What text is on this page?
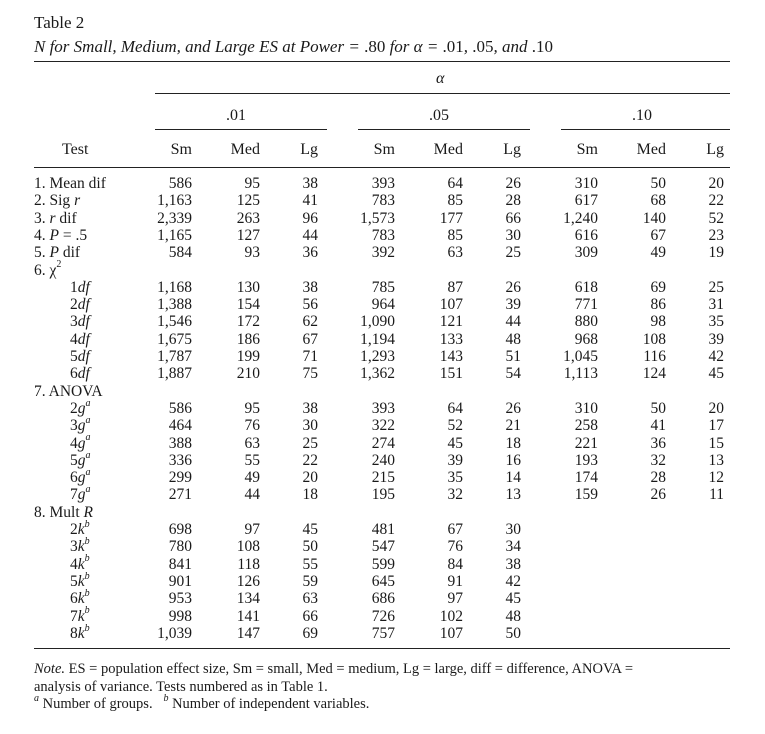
Table 2
N for Small, Medium, and Large ES at Power = .80 for α = .01, .05, and .10
α
.01	.05	.10
Test	Sm Med	Lg	Sm Med	Lg	Sm Med	Lg
1. Mean dif	586	95	38	393	64	26	310	50	20
2. Sig r	1,163	125	41	783	85	28	617	68	22
3. r dif	2,339	263	96	1,573	177	66	1,240	140	52
4. P = .5	1,165	127	44	783	85	30	616	67	23
5. P dif	584	93	36	392	63	25	309	49	19
6. $\chi^2$
1df	1,168	130	38	785	87	26	618	69	25
2df	1,388	154	56	964	107	39	771	86	31
3df	1,546	172	62	1,090	121	44	880	98	35
4df	1,675	186	67	1,194	133	48	968	108	39
5df	1,787	199	71	1,293	143	51	1,045	116	42
6df	1,887	210	75	1,362	151	54	1,113	124	45
7. ANOVA
$2g^a$	586	95	38	393	64	26	310	50	20
$3g^a$	464	76	30	322	52	21	258	41	17
$4g^a$	388	63	25	274	45	18	221	36	15
$5g^a$	336	55	22	240	39	16	193	32	13
$6g^a$	299	49	20	215	35	14	174	28	12
$7g^a$	271	44	18	195	32	13	159	26	11
8. Mult R
$2k^b$	698	97	45	481	67	30
$3k^b$	780	108	50	547	76	34
$4k^b$	841	118	55	599	84	38
$5k^b$	901	126	59	645	91	42
$6k^b$	953	134	63	686	97	45
$7k^b$	998	141	66	726	102	48
$8k^b$	1,039	147	69	757	107	50
Note. ES = population effect size, Sm = small, Med = medium, Lg = large, diff = difference, ANOVA =
analysis of variance. Tests numbered as in Table 1.
$^a$ Number of groups.   $^b$ Number of independent variables.
